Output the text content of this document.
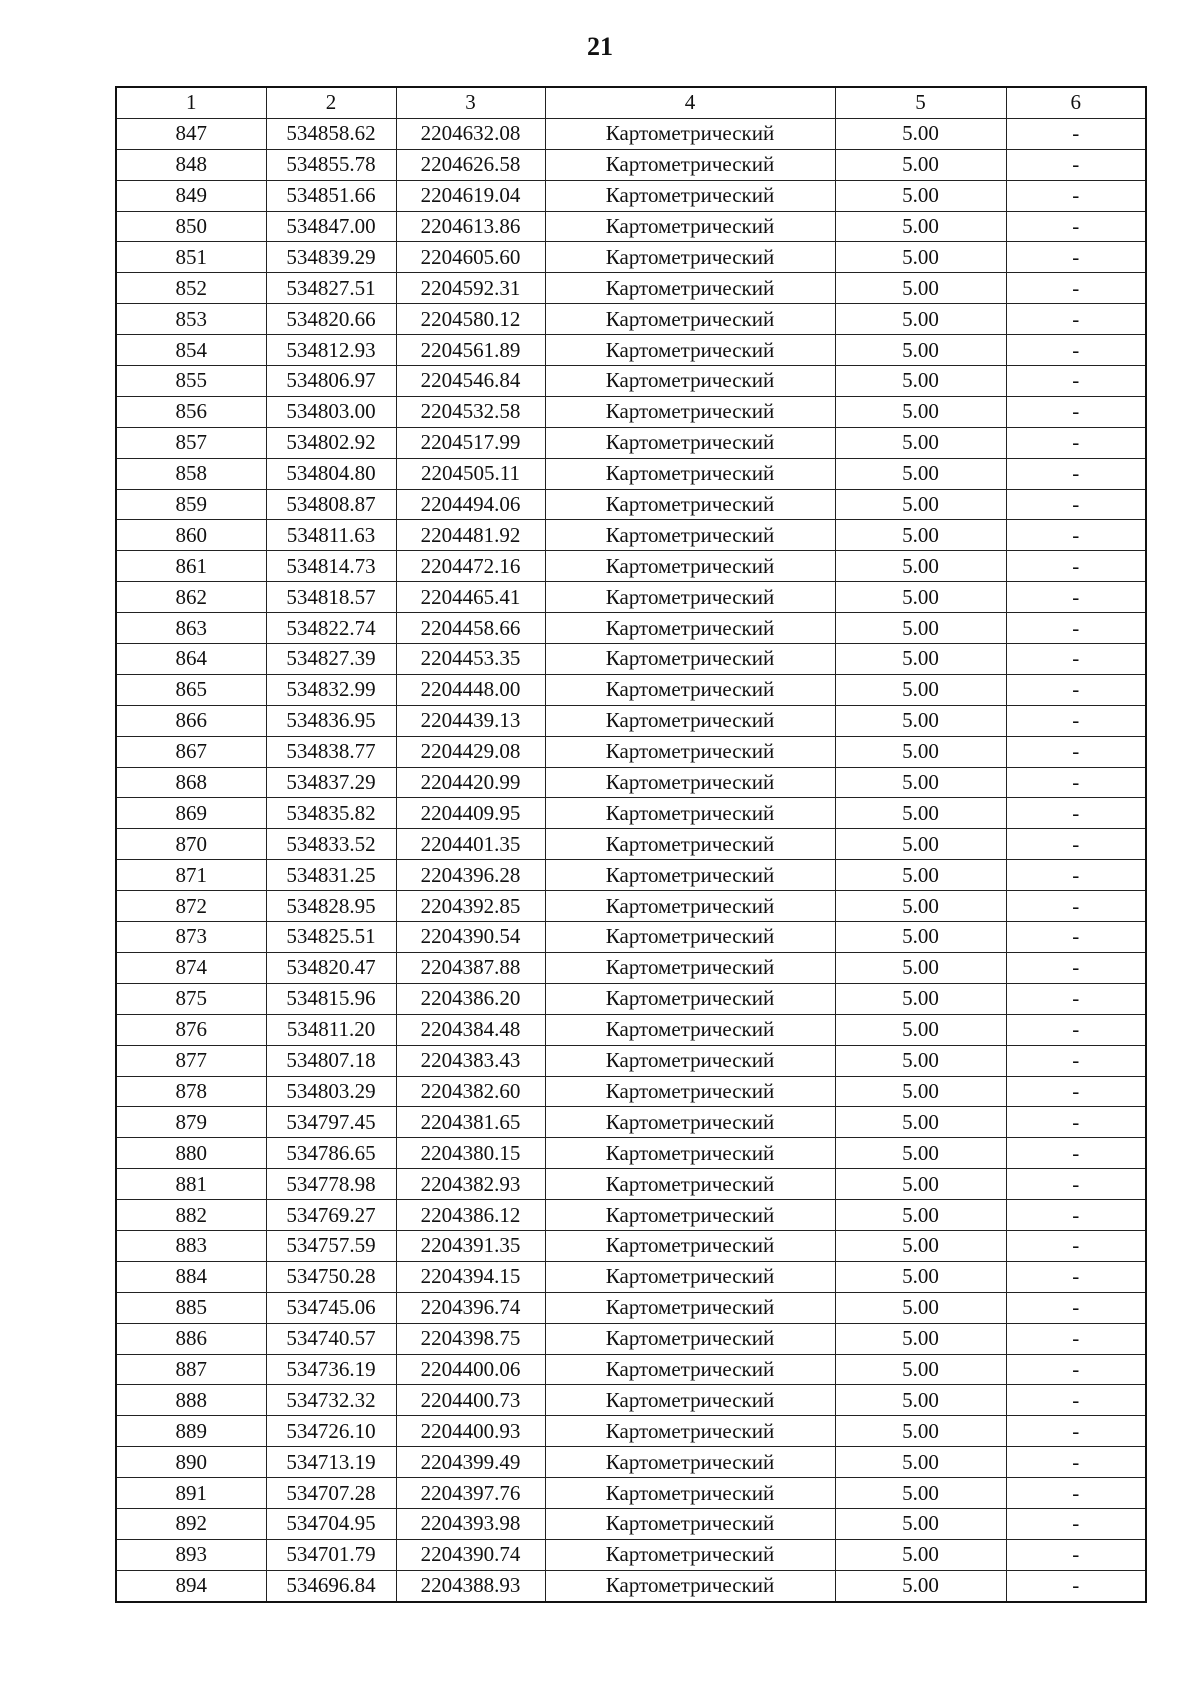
21
1	2	3	4	5	6
847	534858.62	2204632.08	Картометрический	5.00	-
848	534855.78	2204626.58	Картометрический	5.00	-
849	534851.66	2204619.04	Картометрический	5.00	-
850	534847.00	2204613.86	Картометрический	5.00	-
851	534839.29	2204605.60	Картометрический	5.00	-
852	534827.51	2204592.31	Картометрический	5.00	-
853	534820.66	2204580.12	Картометрический	5.00	-
854	534812.93	2204561.89	Картометрический	5.00	-
855	534806.97	2204546.84	Картометрический	5.00	-
856	534803.00	2204532.58	Картометрический	5.00	-
857	534802.92	2204517.99	Картометрический	5.00	-
858	534804.80	2204505.11	Картометрический	5.00	-
859	534808.87	2204494.06	Картометрический	5.00	-
860	534811.63	2204481.92	Картометрический	5.00	-
861	534814.73	2204472.16	Картометрический	5.00	-
862	534818.57	2204465.41	Картометрический	5.00	-
863	534822.74	2204458.66	Картометрический	5.00	-
864	534827.39	2204453.35	Картометрический	5.00	-
865	534832.99	2204448.00	Картометрический	5.00	-
866	534836.95	2204439.13	Картометрический	5.00	-
867	534838.77	2204429.08	Картометрический	5.00	-
868	534837.29	2204420.99	Картометрический	5.00	-
869	534835.82	2204409.95	Картометрический	5.00	-
870	534833.52	2204401.35	Картометрический	5.00	-
871	534831.25	2204396.28	Картометрический	5.00	-
872	534828.95	2204392.85	Картометрический	5.00	-
873	534825.51	2204390.54	Картометрический	5.00	-
874	534820.47	2204387.88	Картометрический	5.00	-
875	534815.96	2204386.20	Картометрический	5.00	-
876	534811.20	2204384.48	Картометрический	5.00	-
877	534807.18	2204383.43	Картометрический	5.00	-
878	534803.29	2204382.60	Картометрический	5.00	-
879	534797.45	2204381.65	Картометрический	5.00	-
880	534786.65	2204380.15	Картометрический	5.00	-
881	534778.98	2204382.93	Картометрический	5.00	-
882	534769.27	2204386.12	Картометрический	5.00	-
883	534757.59	2204391.35	Картометрический	5.00	-
884	534750.28	2204394.15	Картометрический	5.00	-
885	534745.06	2204396.74	Картометрический	5.00	-
886	534740.57	2204398.75	Картометрический	5.00	-
887	534736.19	2204400.06	Картометрический	5.00	-
888	534732.32	2204400.73	Картометрический	5.00	-
889	534726.10	2204400.93	Картометрический	5.00	-
890	534713.19	2204399.49	Картометрический	5.00	-
891	534707.28	2204397.76	Картометрический	5.00	-
892	534704.95	2204393.98	Картометрический	5.00	-
893	534701.79	2204390.74	Картометрический	5.00	-
894	534696.84	2204388.93	Картометрический	5.00	-
